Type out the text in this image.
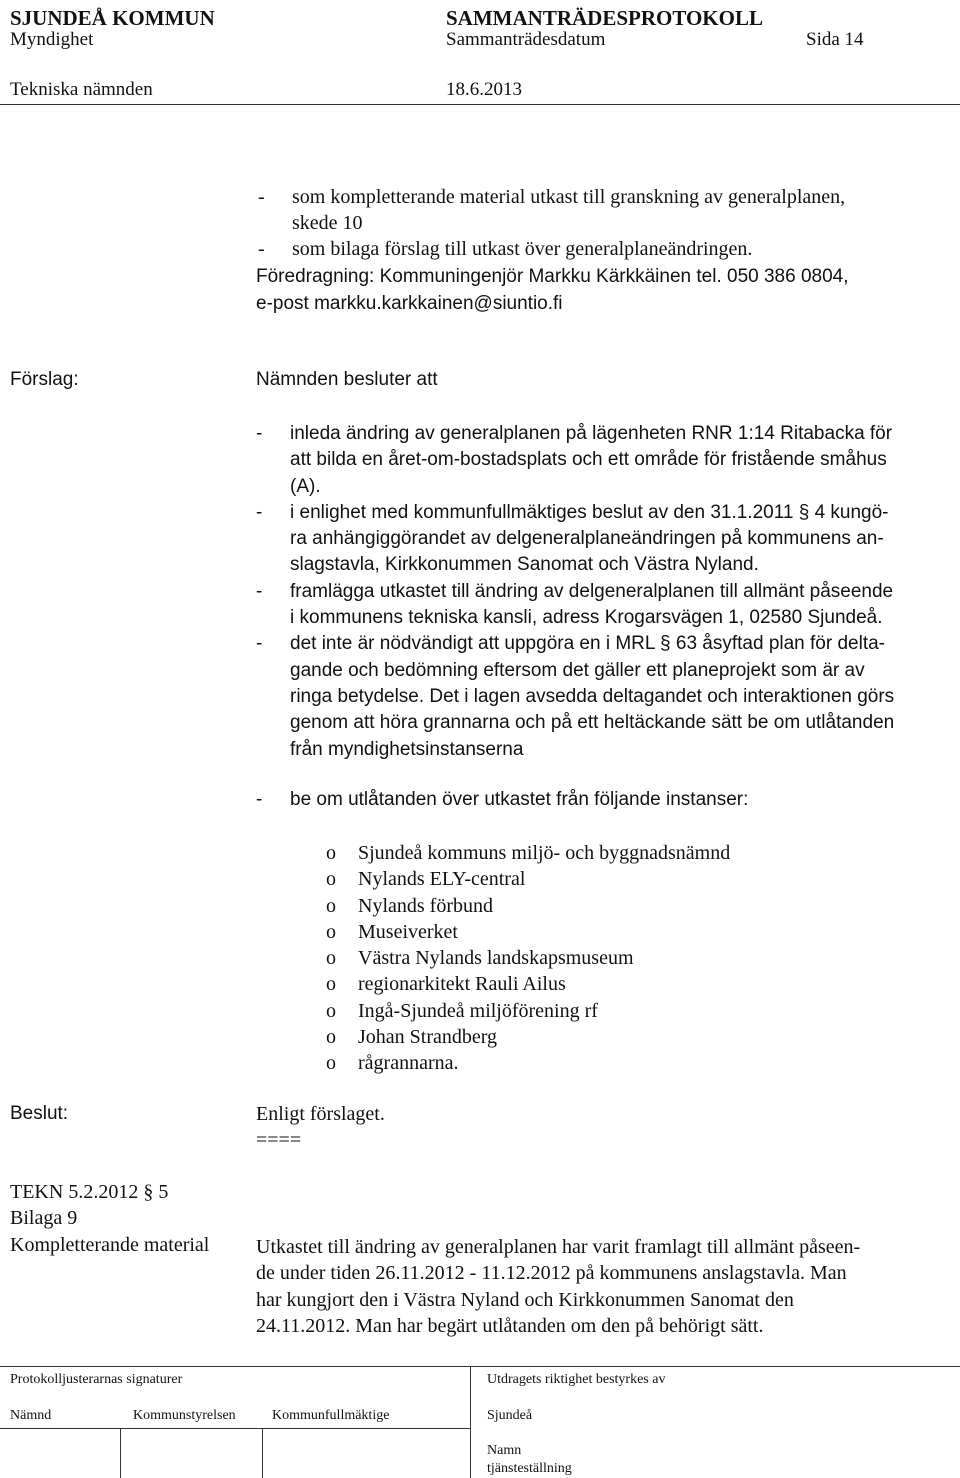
SJUNDEÅ KOMMUN	SAMMANTRÄDESPROTOKOLL
Myndighet	Sammanträdesdatum	Sida 14
Tekniska nämnden	18.6.2013
- som kompletterande material utkast till granskning av generalplanen,
skede 10
- som bilaga förslag till utkast över generalplaneändringen.
Föredragning: Kommuningenjör Markku Kärkkäinen tel. 050 386 0804,
e-post markku.karkkainen@siuntio.fi
Förslag:	Nämnden besluter att
- inleda ändring av generalplanen på lägenheten RNR 1:14 Ritabacka för
att bilda en året-om-bostadsplats och ett område för fristående småhus
(A).
- i enlighet med kommunfullmäktiges beslut av den 31.1.2011 § 4 kungö-
ra anhängiggörandet av delgeneralplaneändringen på kommunens an-
slagstavla, Kirkkonummen Sanomat och Västra Nyland.
- framlägga utkastet till ändring av delgeneralplanen till allmänt påseende
i kommunens tekniska kansli, adress Krogarsvägen 1, 02580 Sjundeå.
- det inte är nödvändigt att uppgöra en i MRL § 63 åsyftad plan för delta-
gande och bedömning eftersom det gäller ett planeprojekt som är av
ringa betydelse. Det i lagen avsedda deltagandet och interaktionen görs
genom att höra grannarna och på ett heltäckande sätt be om utlåtanden
från myndighetsinstanserna
- be om utlåtanden över utkastet från följande instanser:
o Sjundeå kommuns miljö- och byggnadsnämnd
o Nylands ELY-central
o Nylands förbund
o Museiverket
o Västra Nylands landskapsmuseum
o regionarkitekt Rauli Ailus
o Ingå-Sjundeå miljöförening rf
o Johan Strandberg
o rågrannarna.
Beslut:	Enligt förslaget.
====
TEKN 5.2.2012 § 5
Bilaga 9
Kompletterande material Utkastet till ändring av generalplanen har varit framlagt till allmänt påseen-
de under tiden 26.11.2012 - 11.12.2012 på kommunens anslagstavla. Man
har kungjort den i Västra Nyland och Kirkkonummen Sanomat den
24.11.2012. Man har begärt utlåtanden om den på behörigt sätt.
Protokolljusterarnas signaturer	Utdragets riktighet bestyrkes av
Nämnd	Kommunstyrelsen	Kommunfullmäktige	Sjundeå
Namn
tjänsteställning
